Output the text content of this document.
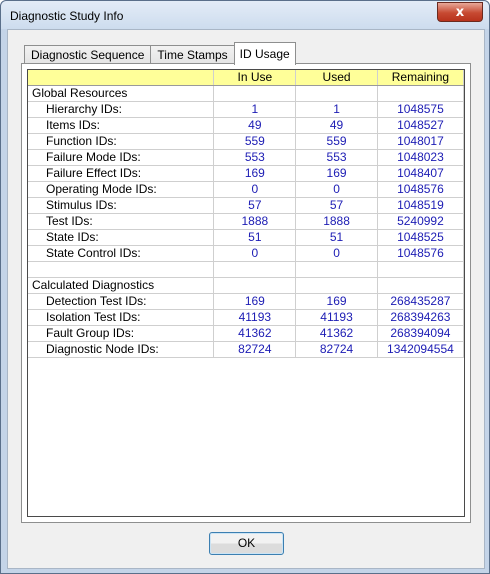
Diagnostic Study Info	x
Diagnostic Sequence	Time Stamps	ID Usage
	In Use	Used	Remaining
Global Resources			
Hierarchy IDs:	1	1	1048575
Items IDs:	49	49	1048527
Function IDs:	559	559	1048017
Failure Mode IDs:	553	553	1048023
Failure Effect IDs:	169	169	1048407
Operating Mode IDs:	0	0	1048576
Stimulus IDs:	57	57	1048519
Test IDs:	1888	1888	5240992
State IDs:	51	51	1048525
State Control IDs:	0	0	1048576

Calculated Diagnostics			
Detection Test IDs:	169	169	268435287
Isolation Test IDs:	41193	41193	268394263
Fault Group IDs:	41362	41362	268394094
Diagnostic Node IDs:	82724	82724	1342094554
OK
